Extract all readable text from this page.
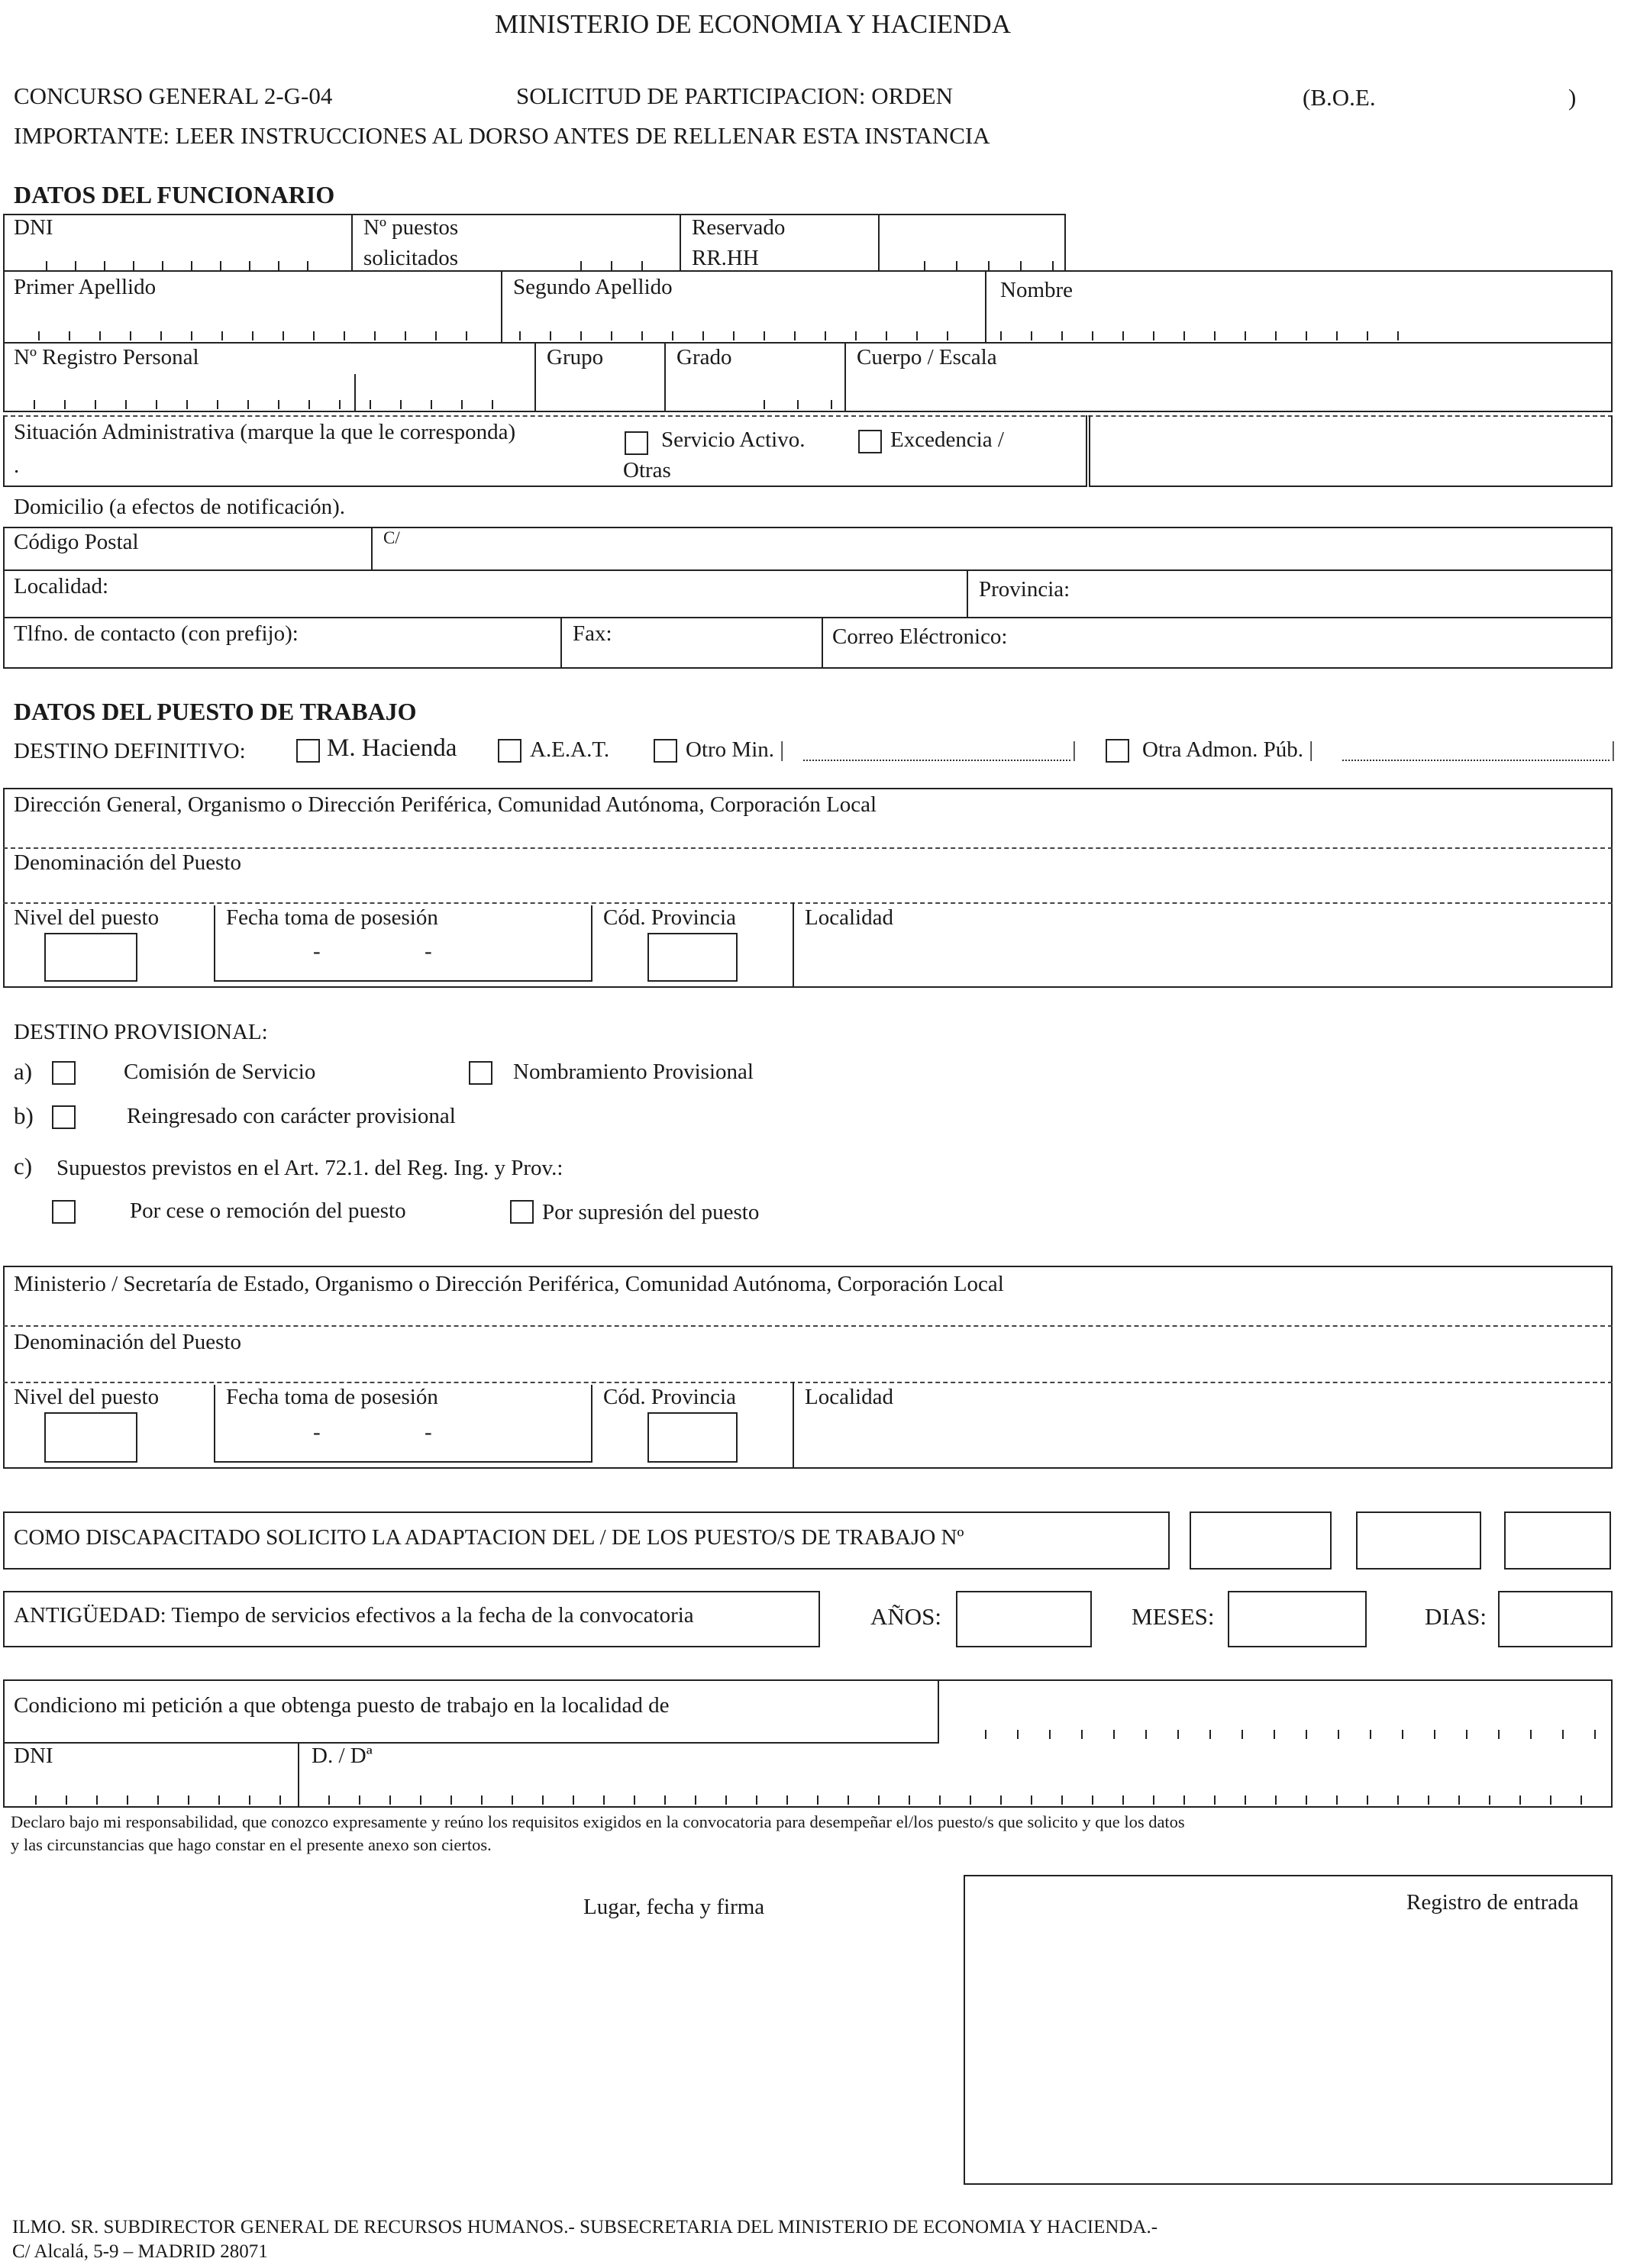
MINISTERIO DE ECONOMIA Y HACIENDA
CONCURSO GENERAL 2-G-04	SOLICITUD DE PARTICIPACION: ORDEN	(B.O.E.	)
IMPORTANTE: LEER INSTRUCCIONES AL DORSO ANTES DE RELLENAR ESTA INSTANCIA
DATOS DEL FUNCIONARIO
DNI	Nº puestos
solicitados
Reservado
RR.HH
Primer Apellido	Segundo Apellido	Nombre
Nº Registro Personal	Grupo	Grado	Cuerpo / Escala
Situación Administrativa (marque la que le corresponda)	Servicio Activo.	Excedencia /
.	Otras
Domicilio (a efectos de notificación).
Código Postal	C/
Localidad:	Provincia:
Tlfno. de contacto (con prefijo):	Fax:	Correo Eléctronico:
DATOS DEL PUESTO DE TRABAJO
DESTINO DEFINITIVO:	M. Hacienda	A.E.A.T.	Otro Min. |	|	Otra Admon. Púb. |	|
Dirección General, Organismo o Dirección Periférica, Comunidad Autónoma, Corporación Local
Denominación del Puesto
Nivel del puesto	Fecha toma de posesión	Cód. Provincia	Localidad
-	-
DESTINO PROVISIONAL:
a)	Comisión de Servicio	Nombramiento Provisional
b)	Reingresado con carácter provisional
c) Supuestos previstos en el Art. 72.1. del Reg. Ing. y Prov.:
Por cese o remoción del puesto	Por supresión del puesto
Ministerio / Secretaría de Estado, Organismo o Dirección Periférica, Comunidad Autónoma, Corporación Local
Denominación del Puesto
Nivel del puesto	Fecha toma de posesión	Cód. Provincia	Localidad
-	-
COMO DISCAPACITADO SOLICITO LA ADAPTACION DEL / DE LOS PUESTO/S DE TRABAJO Nº
ANTIGÜEDAD: Tiempo de servicios efectivos a la fecha de la convocatoria	AÑOS:	MESES:	DIAS:
Condiciono mi petición a que obtenga puesto de trabajo en la localidad de
DNI	D. / Dª
Declaro bajo mi responsabilidad, que conozco expresamente y reúno los requisitos exigidos en la convocatoria para desempeñar el/los puesto/s que solicito y que los datos
y las circunstancias que hago constar en el presente anexo son ciertos.
Lugar, fecha y firma	Registro de entrada
ILMO. SR. SUBDIRECTOR GENERAL DE RECURSOS HUMANOS.- SUBSECRETARIA DEL MINISTERIO DE ECONOMIA Y HACIENDA.-
C/ Alcalá, 5-9 – MADRID 28071
